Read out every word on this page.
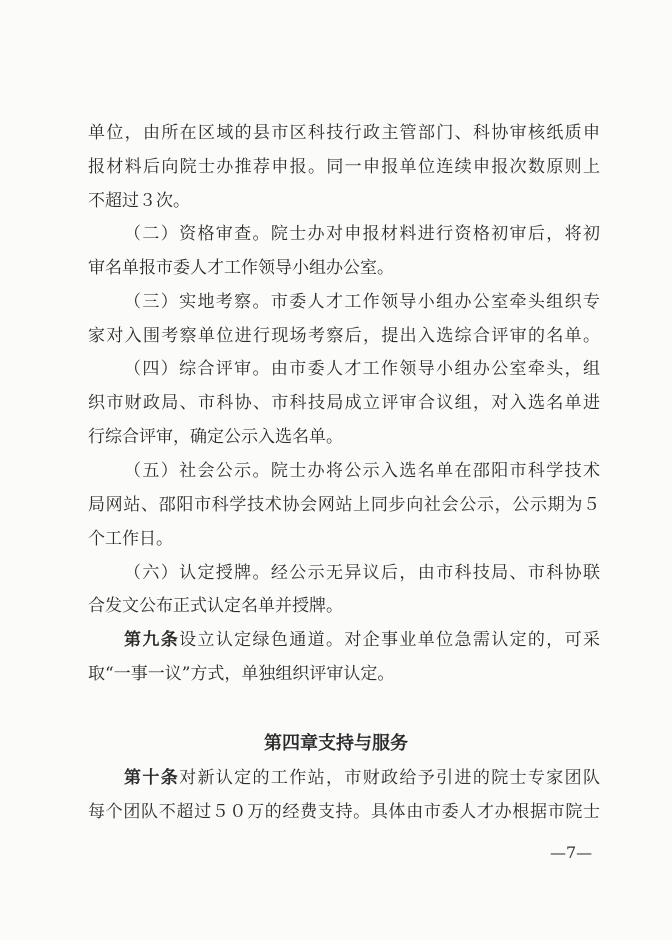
单位，由所在区域的县市区科技行政主管部门、科协审核纸质申
报材料后向院士办推荐申报。同一申报单位连续申报次数原则上
不超过３次。
（二）资格审查。院士办对申报材料进行资格初审后，将初
审名单报市委人才工作领导小组办公室。
（三）实地考察。市委人才工作领导小组办公室牵头组织专
家对入围考察单位进行现场考察后，提出入选综合评审的名单。
（四）综合评审。由市委人才工作领导小组办公室牵头，组
织市财政局、市科协、市科技局成立评审合议组，对入选名单进
行综合评审，确定公示入选名单。
（五）社会公示。院士办将公示入选名单在邵阳市科学技术
局网站、邵阳市科学技术协会网站上同步向社会公示，公示期为５
个工作日。
（六）认定授牌。经公示无异议后，由市科技局、市科协联
合发文公布正式认定名单并授牌。
第九条设立认定绿色通道。对企事业单位急需认定的，可采
取“一事一议”方式，单独组织评审认定。
第四章支持与服务
第十条对新认定的工作站，市财政给予引进的院士专家团队
每个团队不超过５０万的经费支持。具体由市委人才办根据市院士
—7—
